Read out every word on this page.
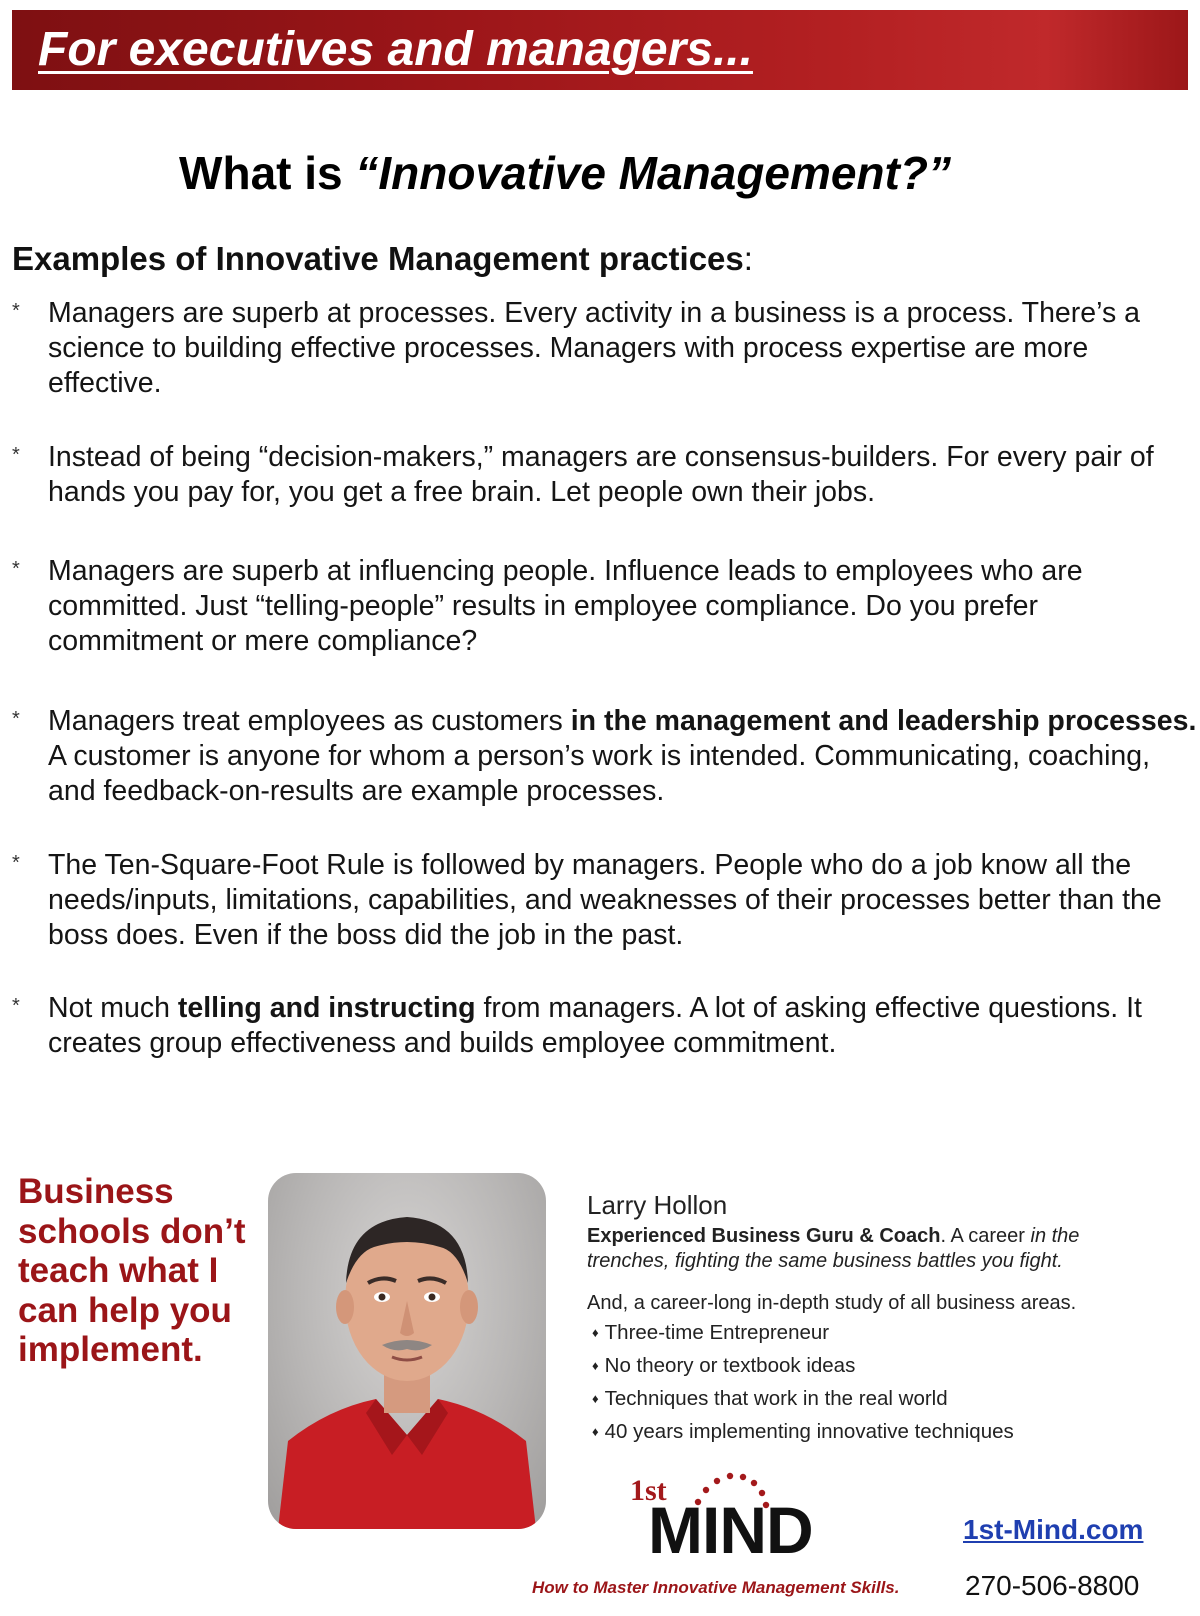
For executives and managers...
What is “Innovative Management?”
Examples of Innovative Management practices:
* Managers are superb at processes. Every activity in a business is a process. There’s a science to building effective processes. Managers with process expertise are more effective.
* Instead of being “decision-makers,” managers are consensus-builders. For every pair of hands you pay for, you get a free brain. Let people own their jobs.
* Managers are superb at influencing people. Influence leads to employees who are committed. Just “telling-people” results in employee compliance. Do you prefer commitment or mere compliance?
* Managers treat employees as customers in the management and leadership processes. A customer is anyone for whom a person’s work is intended. Communicating, coaching, and feedback-on-results are example processes.
* The Ten-Square-Foot Rule is followed by managers. People who do a job know all the needs/inputs, limitations, capabilities, and weaknesses of their processes better than the boss does. Even if the boss did the job in the past.
* Not much telling and instructing from managers. A lot of asking effective questions. It creates group effectiveness and builds employee commitment.
Business schools don’t teach what I can help you implement.
Larry Hollon
Experienced Business Guru & Coach. A career in the trenches, fighting the same business battles you fight.
And, a career-long in-depth study of all business areas.
♦ Three-time Entrepreneur
♦ No theory or textbook ideas
♦ Techniques that work in the real world
♦ 40 years implementing innovative techniques
1st
MIND
How to Master Innovative Management Skills.
1st-Mind.com
270-506-8800
